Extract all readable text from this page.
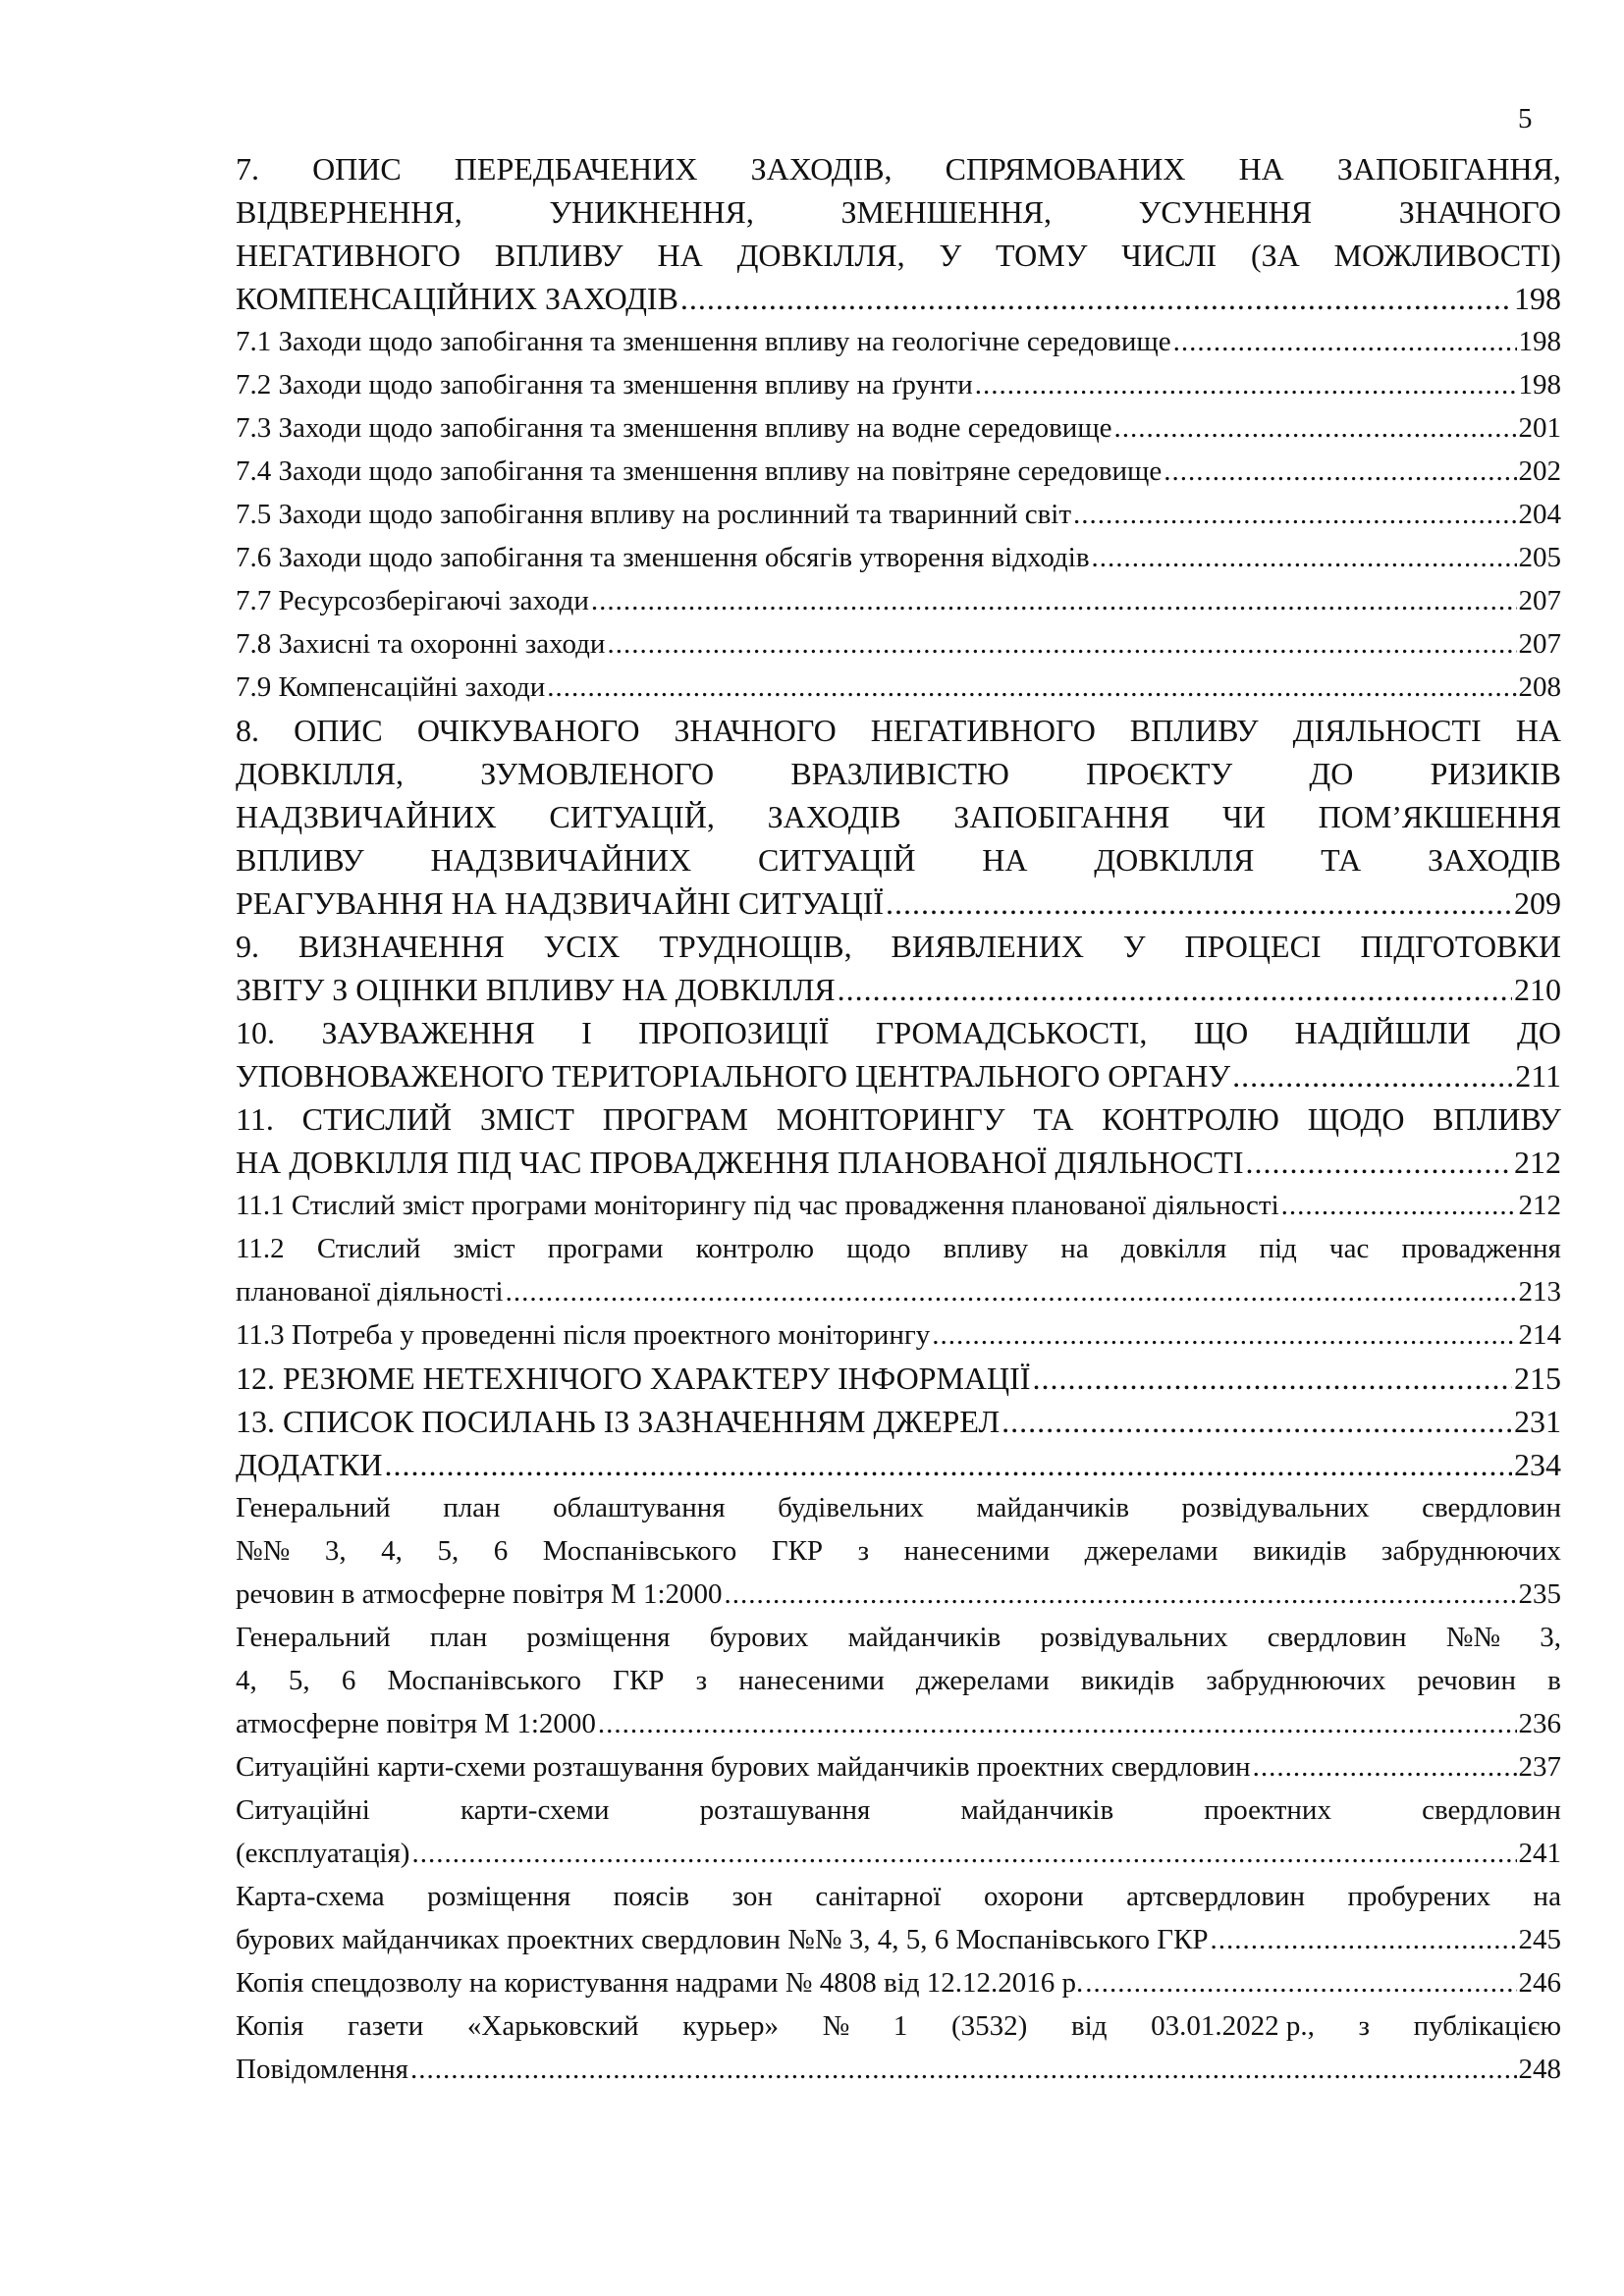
5
7. ОПИС ПЕРЕДБАЧЕНИХ ЗАХОДІВ, СПРЯМОВАНИХ НА ЗАПОБІГАННЯ,
ВІДВЕРНЕННЯ,	УНИКНЕННЯ,	ЗМЕНШЕННЯ,	УСУНЕННЯ	ЗНАЧНОГО
НЕГАТИВНОГО ВПЛИВУ НА ДОВКІЛЛЯ, У ТОМУ ЧИСЛІ (ЗА МОЖЛИВОСТІ)
КОМПЕНСАЦІЙНИХ ЗАХОДІВ .....	198
7.1 Заходи щодо запобігання та зменшення впливу на геологічне середовище .....	198
7.2 Заходи щодо запобігання та зменшення впливу на ґрунти .....	198
7.3 Заходи щодо запобігання та зменшення впливу на водне середовище .....	201
7.4 Заходи щодо запобігання та зменшення впливу на повітряне середовище .....	202
7.5 Заходи щодо запобігання впливу на рослинний та тваринний світ .....	204
7.6 Заходи щодо запобігання та зменшення обсягів утворення відходів .....	205
7.7 Ресурсозберігаючі заходи .....	207
7.8 Захисні та охоронні заходи .....	207
7.9 Компенсаційні заходи .....	208
8. ОПИС ОЧІКУВАНОГО ЗНАЧНОГО НЕГАТИВНОГО ВПЛИВУ ДІЯЛЬНОСТІ НА
ДОВКІЛЛЯ, ЗУМОВЛЕНОГО ВРАЗЛИВІСТЮ ПРОЄКТУ ДО РИЗИКІВ
НАДЗВИЧАЙНИХ СИТУАЦІЙ, ЗАХОДІВ ЗАПОБІГАННЯ ЧИ ПОМ’ЯКШЕННЯ
ВПЛИВУ НАДЗВИЧАЙНИХ СИТУАЦІЙ НА ДОВКІЛЛЯ ТА ЗАХОДІВ
РЕАГУВАННЯ НА НАДЗВИЧАЙНІ СИТУАЦІЇ .....	209
9. ВИЗНАЧЕННЯ УСІХ ТРУДНОЩІВ, ВИЯВЛЕНИХ У ПРОЦЕСІ ПІДГОТОВКИ
ЗВІТУ З ОЦІНКИ ВПЛИВУ НА ДОВКІЛЛЯ .....	210
10. ЗАУВАЖЕННЯ І ПРОПОЗИЦІЇ ГРОМАДСЬКОСТІ, ЩО НАДІЙШЛИ ДО
УПОВНОВАЖЕНОГО ТЕРИТОРІАЛЬНОГО ЦЕНТРАЛЬНОГО ОРГАНУ .....	211
11. СТИСЛИЙ ЗМІСТ ПРОГРАМ МОНІТОРИНГУ ТА КОНТРОЛЮ ЩОДО ВПЛИВУ
НА ДОВКІЛЛЯ ПІД ЧАС ПРОВАДЖЕННЯ ПЛАНОВАНОЇ ДІЯЛЬНОСТІ .....	212
11.1 Стислий зміст програми моніторингу під час провадження планованої діяльності .....	212
11.2 Стислий зміст програми контролю щодо впливу на довкілля під час провадження
планованої діяльності .....	213
11.3 Потреба у проведенні після проектного моніторингу .....	214
12. РЕЗЮМЕ НЕТЕХНІЧОГО ХАРАКТЕРУ ІНФОРМАЦІЇ .....	215
13. СПИСОК ПОСИЛАНЬ ІЗ ЗАЗНАЧЕННЯМ ДЖЕРЕЛ .....	231
ДОДАТКИ .....	234
Генеральний план облаштування будівельних майданчиків розвідувальних свердловин
№№ 3, 4, 5, 6 Моспанівського ГКР з нанесеними джерелами викидів забруднюючих
речовин в атмосферне повітря М 1:2000 .....	235
Генеральний план розміщення бурових майданчиків розвідувальних свердловин №№ 3,
4, 5, 6 Моспанівського ГКР з нанесеними джерелами викидів забруднюючих речовин в
атмосферне повітря М 1:2000 .....	236
Ситуаційні карти-схеми розташування бурових майданчиків проектних свердловин .....	237
Ситуаційні	карти-схеми	розташування	майданчиків	проектних	свердловин
(експлуатація) .....	241
Карта-схема розміщення поясів зон санітарної охорони артсвердловин пробурених на
бурових майданчиках проектних свердловин №№ 3, 4, 5, 6 Моспанівського ГКР .....	245
Копія спецдозволу на користування надрами № 4808 від 12.12.2016 р. .....	246
Копія газети «Харьковский курьер» № 1 (3532) від 03.01.2022 р., з публікацією
Повідомлення .....	248
